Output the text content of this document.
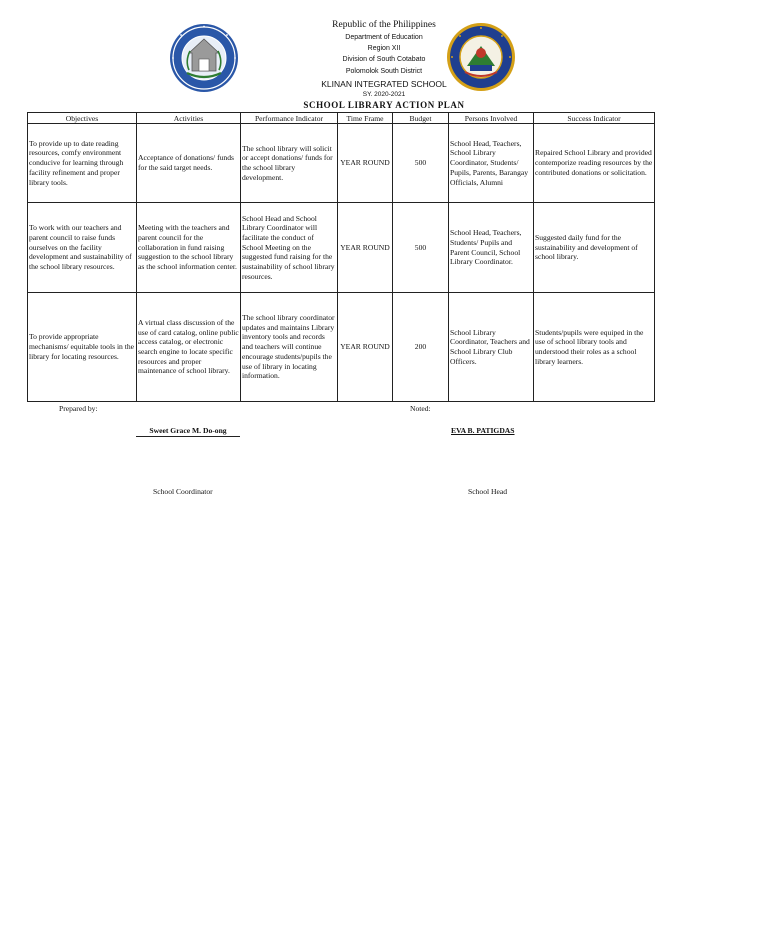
Republic of the Philippines
Department of Education
Region XII
Division of South Cotabato
Polomolok South District
KLINAN INTEGRATED SCHOOL
SY. 2020-2021
SCHOOL LIBRARY ACTION PLAN
Objectives	Activities	Performance Indicator	Time Frame	Budget	Persons Involved	Success Indicator
To provide up to date reading resources, comfy environment conducive for learning through facility refinement and proper library tools.	Acceptance of donations/ funds for the said target needs.	The school library will solicit or accept donations/ funds for the school library development.	YEAR ROUND	500	School Head, Teachers, School Library Coordinator, Students/ Pupils, Parents, Barangay Officials, Alumni	Repaired School Library and provided contemporize reading resources by the contributed donations or solicitation.
To work with our teachers and parent council to raise funds ourselves on the facility development and sustainability of the school library resources.	Meeting with the teachers and parent council for the collaboration in fund raising suggestion to the school library as the school information center.	School Head and School Library Coordinator will facilitate the conduct of School Meeting on the suggested fund raising for the sustainability of school library resources.	YEAR ROUND	500	School Head, Teachers, Students/ Pupils and Parent Council, School Library Coordinator.	Suggested daily fund for the sustainability and development of school library.
To provide appropriate mechanisms/ equitable tools in the library for locating resources.	A virtual class discussion of the use of card catalog, online public access catalog, or electronic search engine to locate specific resources and proper maintenance of school library.	The school library coordinator updates and maintains Library inventory tools and records and teachers will continue encourage students/pupils the use of library in locating information.	YEAR ROUND	200	School Library Coordinator, Teachers and School Library Club Officers.	Students/pupils were equiped in the use of school library tools and understood their roles as a school library learners.
Prepared by:	Noted:
Sweet Grace M. Do-ong	EVA B. PATIGDAS
School Coordinator	School Head
